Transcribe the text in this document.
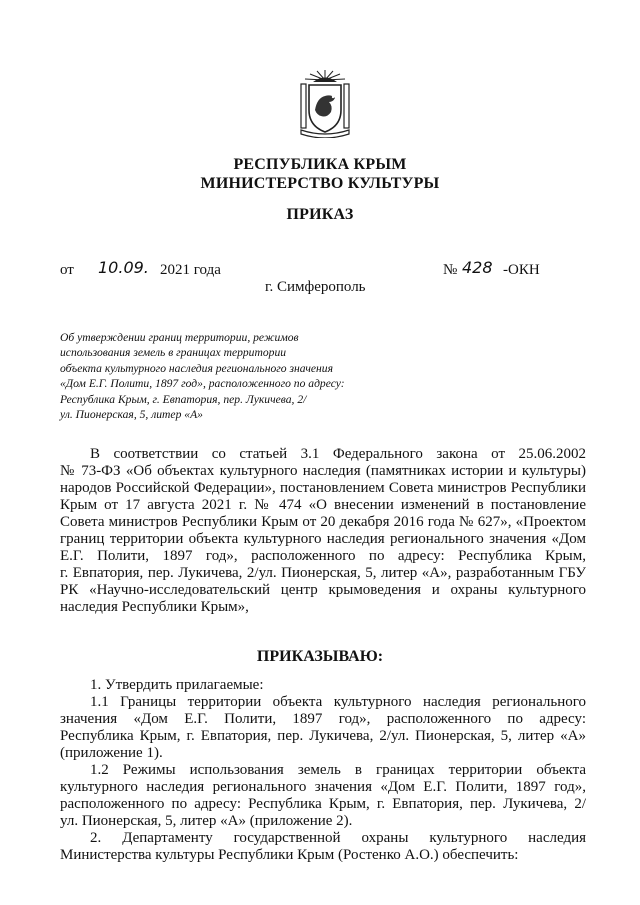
РЕСПУБЛИКА КРЫМ
МИНИСТЕРСТВО КУЛЬТУРЫ
ПРИКАЗ
от 10.09. 2021 года	№ 428 -ОКН
г. Симферополь
Об утверждении границ территории, режимов
использования земель в границах территории
объекта культурного наследия регионального значения
«Дом Е.Г. Полити, 1897 год», расположенного по адресу:
Республика Крым, г. Евпатория, пер. Лукичева, 2/
ул. Пионерская, 5, литер «А»
В соответствии со статьей 3.1 Федерального закона от 25.06.2002
№ 73-ФЗ «Об объектах культурного наследия (памятниках истории и культуры)
народов Российской Федерации», постановлением Совета министров Республики
Крым от 17 августа 2021 г. № 474 «О внесении изменений в постановление
Совета министров Республики Крым от 20 декабря 2016 года № 627», «Проектом
границ территории объекта культурного наследия регионального значения «Дом
Е.Г. Полити, 1897 год», расположенного по адресу: Республика Крым,
г. Евпатория, пер. Лукичева, 2/ул. Пионерская, 5, литер «А», разработанным ГБУ
РК «Научно-исследовательский центр крымоведения и охраны культурного
наследия Республики Крым»,
ПРИКАЗЫВАЮ:
1. Утвердить прилагаемые:
1.1 Границы территории объекта культурного наследия регионального
значения «Дом Е.Г. Полити, 1897 год», расположенного по адресу:
Республика Крым, г. Евпатория, пер. Лукичева, 2/ул. Пионерская, 5, литер «А»
(приложение 1).
1.2 Режимы использования земель в границах территории объекта
культурного наследия регионального значения «Дом Е.Г. Полити, 1897 год»,
расположенного по адресу: Республика Крым, г. Евпатория, пер. Лукичева, 2/
ул. Пионерская, 5, литер «А» (приложение 2).
2. Департаменту государственной охраны культурного наследия
Министерства культуры Республики Крым (Ростенко А.О.) обеспечить:
